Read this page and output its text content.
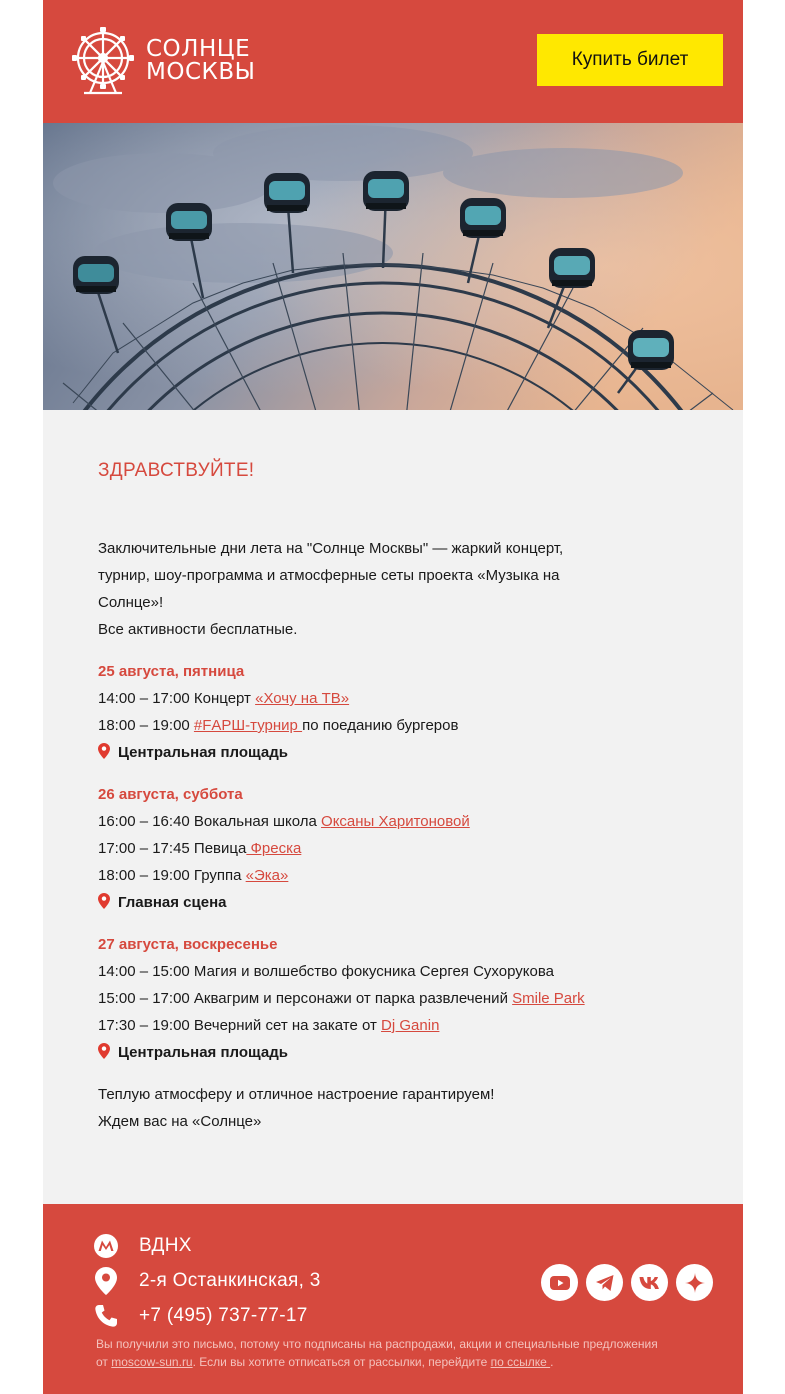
СОЛНЦЕ
МОСКВЫ	Купить билет
ЗДРАВСТВУЙТЕ!

Заключительные дни лета на "Солнце Москвы" — жаркий концерт,

турнир, шоу-программа и атмосферные сеты проекта «Музыка на

Солнце»!

Все активности бесплатные.

25 августа, пятница
14:00 – 17:00 Концерт «Хочу на ТВ»
18:00 – 19:00 #FАРШ-турнир по поеданию бургеров
Центральная площадь
26 августа, суббота
16:00 – 16:40 Вокальная школа Оксаны Харитоновой
17:00 – 17:45 Певица Фреска
18:00 – 19:00 Группа «Эка»
Главная сцена
27 августа, воскресенье
14:00 – 15:00 Магия и волшебство фокусника Сергея Сухорукова
15:00 – 17:00 Аквагрим и персонажи от парка развлечений Smile Park
17:30 – 19:00 Вечерний сет на закате от Dj Ganin
Центральная площадь

Теплую атмосферу и отличное настроение гарантируем!

Ждем вас на «Солнце»

ВДНХ
2-я Останкинская, 3
+7 (495) 737-77-17
Вы получили это письмо, потому что подписаны на распродажи, акции и специальные предложения
от moscow-sun.ru. Если вы хотите отписаться от рассылки, перейдите по ссылке .
